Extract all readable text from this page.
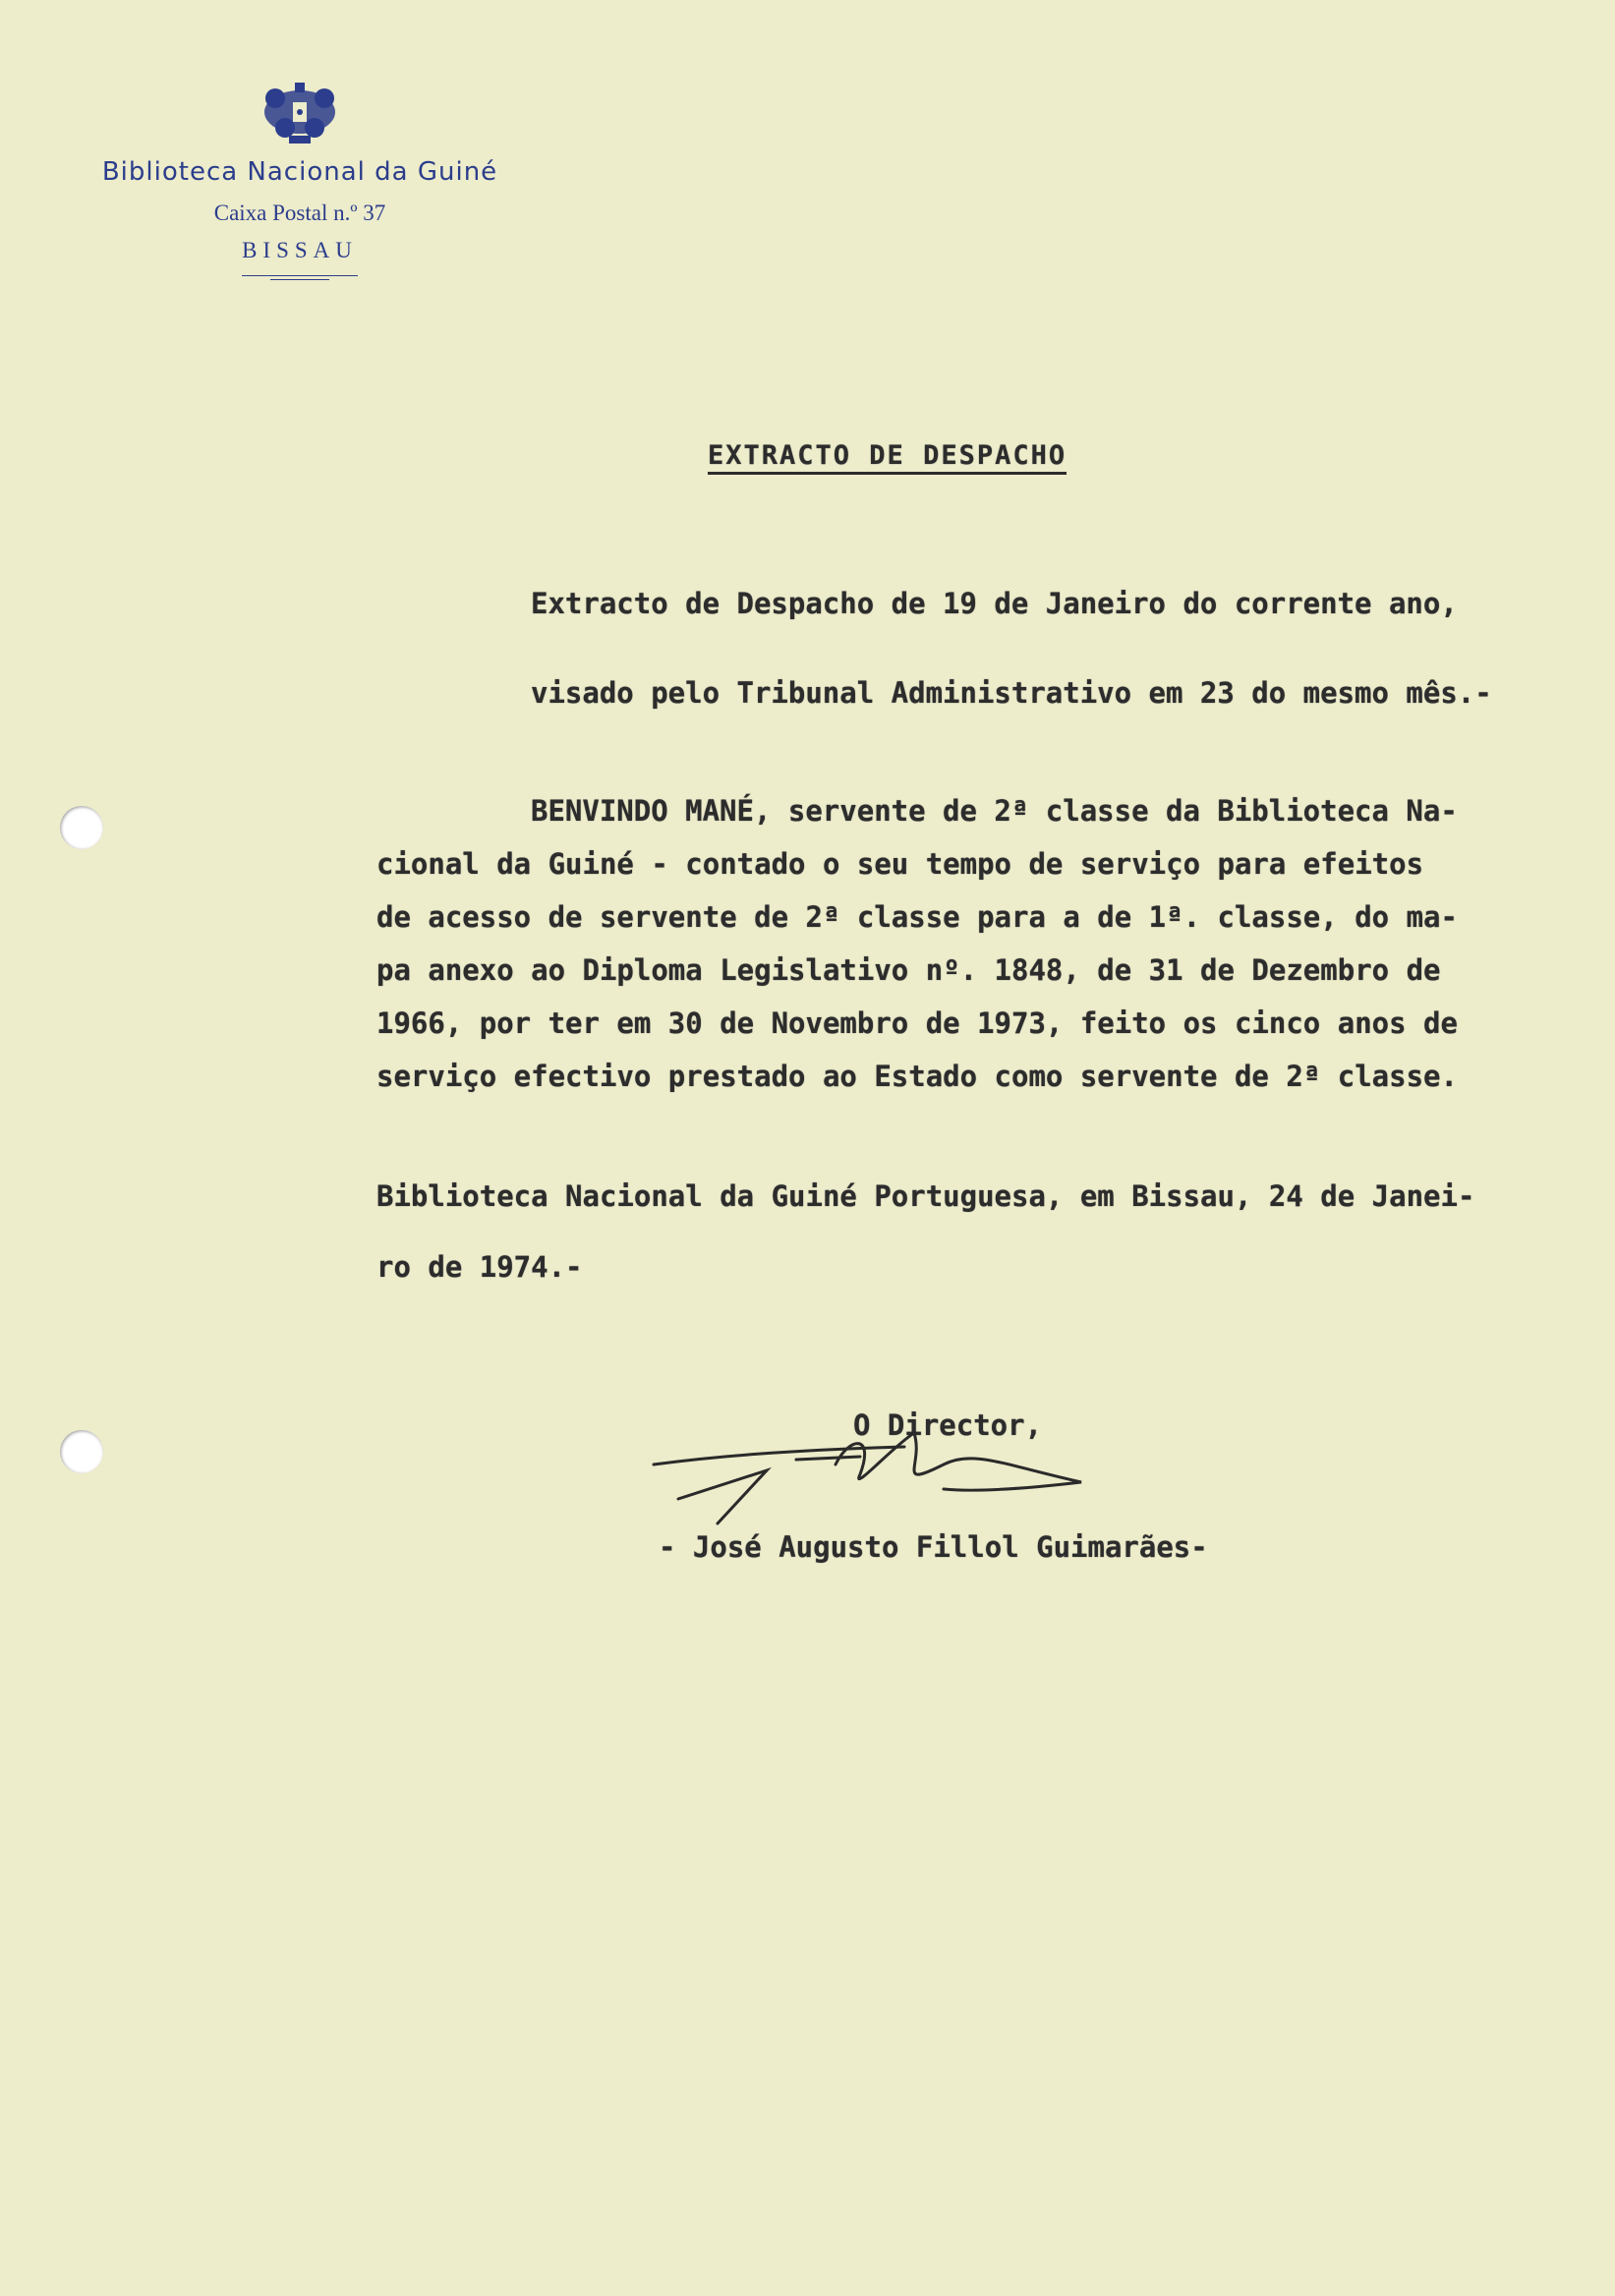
Biblioteca Nacional da Guiné
Caixa Postal n.º 37
BISSAU
EXTRACTO DE DESPACHO
Extracto de Despacho de 19 de Janeiro do corrente ano,
visado pelo Tribunal Administrativo em 23 do mesmo mês.-
BENVINDO MANÉ, servente de 2ª classe da Biblioteca Na-
cional da Guiné - contado o seu tempo de serviço para efeitos
de acesso de servente de 2ª classe para a de 1ª. classe, do ma-
pa anexo ao Diploma Legislativo nº. 1848, de 31 de Dezembro de
1966, por ter em 30 de Novembro de 1973, feito os cinco anos de
serviço efectivo prestado ao Estado como servente de 2ª classe.
Biblioteca Nacional da Guiné Portuguesa, em Bissau, 24 de Janei-
ro de 1974.-
O Director,
- José Augusto Fillol Guimarães-
